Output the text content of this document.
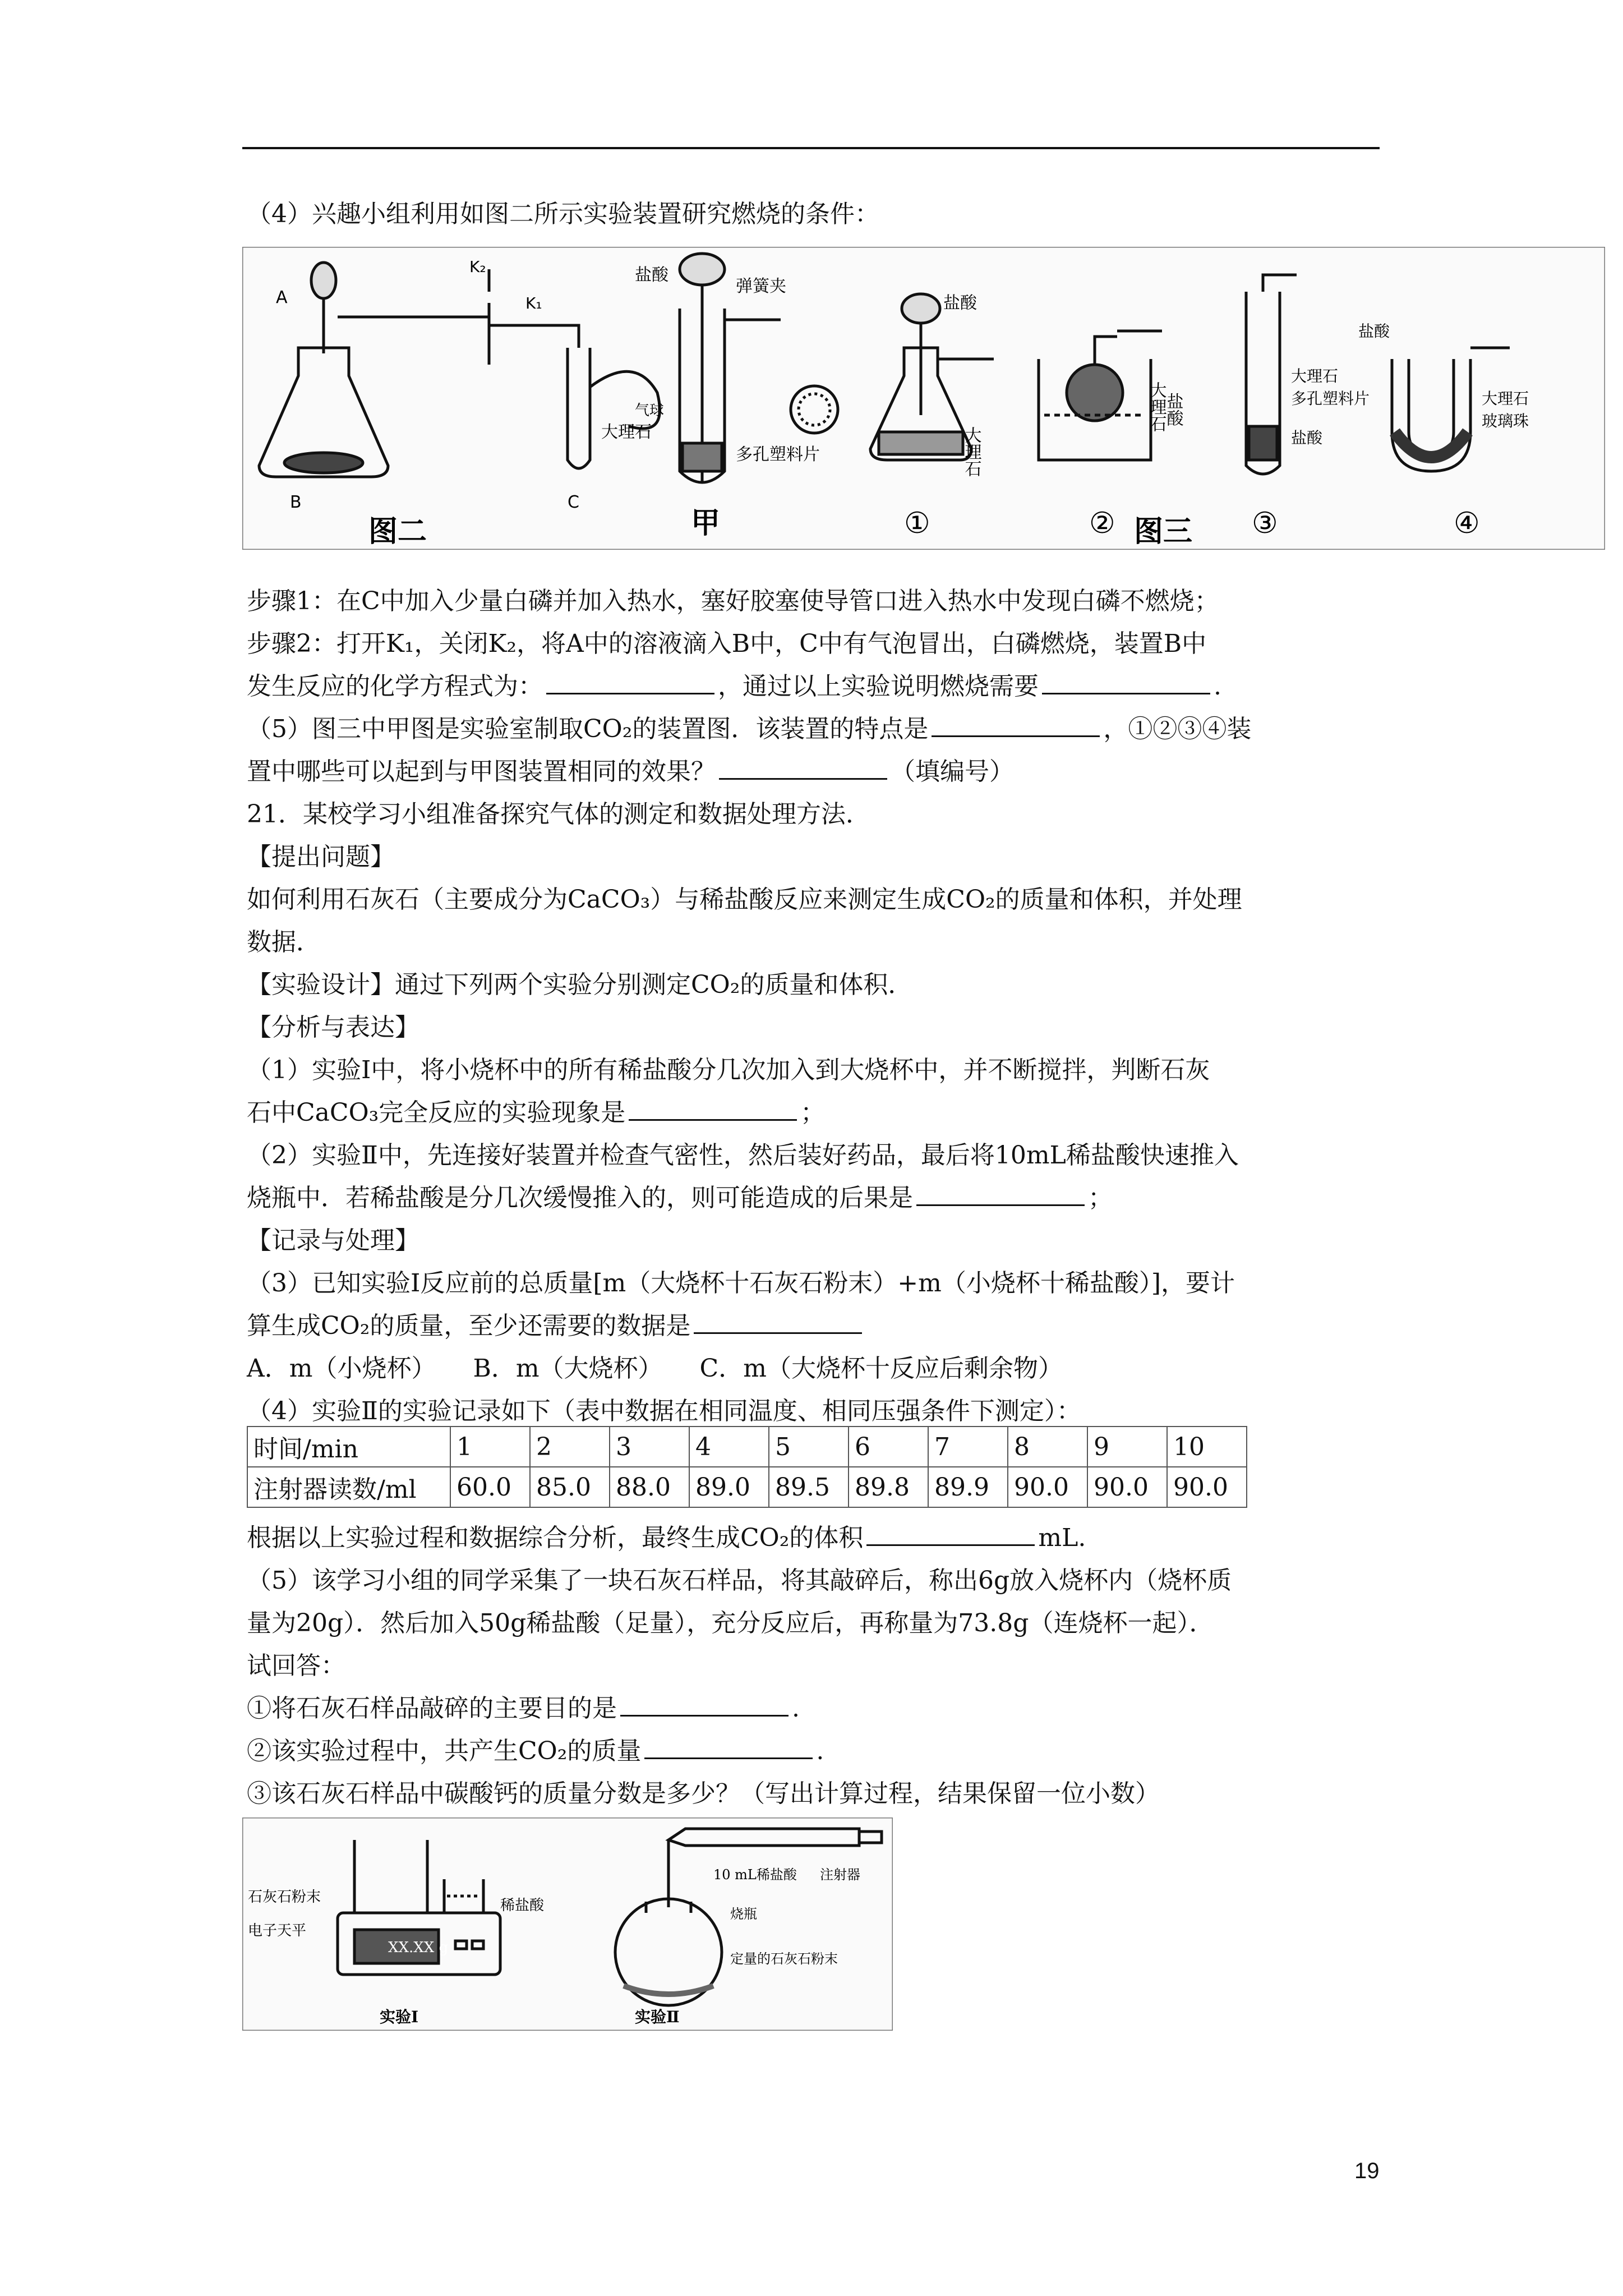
（4）兴趣小组利用如图二所示实验装置研究燃烧的条件：
A
K₂
K₁
气球
B	C
图二
盐酸
弹簧夹
大理石
多孔塑料片
甲
盐酸
大理石
①
大理石
盐酸
②
大理石
多孔塑料片
盐酸
③
盐酸
大理石
玻璃珠
④
图三
步骤1：在C中加入少量白磷并加入热水，塞好胶塞使导管口进入热水中发现白磷不燃烧；
步骤2：打开K₁，关闭K₂，将A中的溶液滴入B中，C中有气泡冒出，白磷燃烧，装置B中
发生反应的化学方程式为：	，通过以上实验说明燃烧需要	.
（5）图三中甲图是实验室制取CO₂的装置图．该装置的特点是	，①②③④装
置中哪些可以起到与甲图装置相同的效果？	（填编号）
21．某校学习小组准备探究气体的测定和数据处理方法．
【提出问题】
如何利用石灰石（主要成分为CaCO₃）与稀盐酸反应来测定生成CO₂的质量和体积，并处理
数据．
【实验设计】通过下列两个实验分别测定CO₂的质量和体积．
【分析与表达】
（1）实验Ⅰ中，将小烧杯中的所有稀盐酸分几次加入到大烧杯中，并不断搅拌，判断石灰
石中CaCO₃完全反应的实验现象是	；
（2）实验Ⅱ中，先连接好装置并检查气密性，然后装好药品，最后将10mL稀盐酸快速推入
烧瓶中．若稀盐酸是分几次缓慢推入的，则可能造成的后果是	；
【记录与处理】
（3）已知实验Ⅰ反应前的总质量[m（大烧杯十石灰石粉末）+m（小烧杯十稀盐酸）]，要计
算生成CO₂的质量，至少还需要的数据是
A．m（小烧杯）　　B．m（大烧杯）　　C．m（大烧杯十反应后剩余物）
（4）实验Ⅱ的实验记录如下（表中数据在相同温度、相同压强条件下测定）：
时间/min	1	2	3	4	5	6	7	8	9	10
注射器读数/ml	60.0	85.0	88.0	89.0	89.5	89.8	89.9	90.0	90.0	90.0
根据以上实验过程和数据综合分析，最终生成CO₂的体积	mL.
（5）该学习小组的同学采集了一块石灰石样品，将其敲碎后，称出6g放入烧杯内（烧杯质
量为20g）．然后加入50g稀盐酸（足量），充分反应后，再称量为73.8g（连烧杯一起）．
试回答：
①将石灰石样品敲碎的主要目的是	.
②该实验过程中，共产生CO₂的质量	.
③该石灰石样品中碳酸钙的质量分数是多少？（写出计算过程，结果保留一位小数）
XX.XX g
石灰石粉末	稀盐酸
电子天平
实验Ⅰ
10 mL稀盐酸 注射器
烧瓶
定量的石灰石粉末
实验Ⅱ
19
